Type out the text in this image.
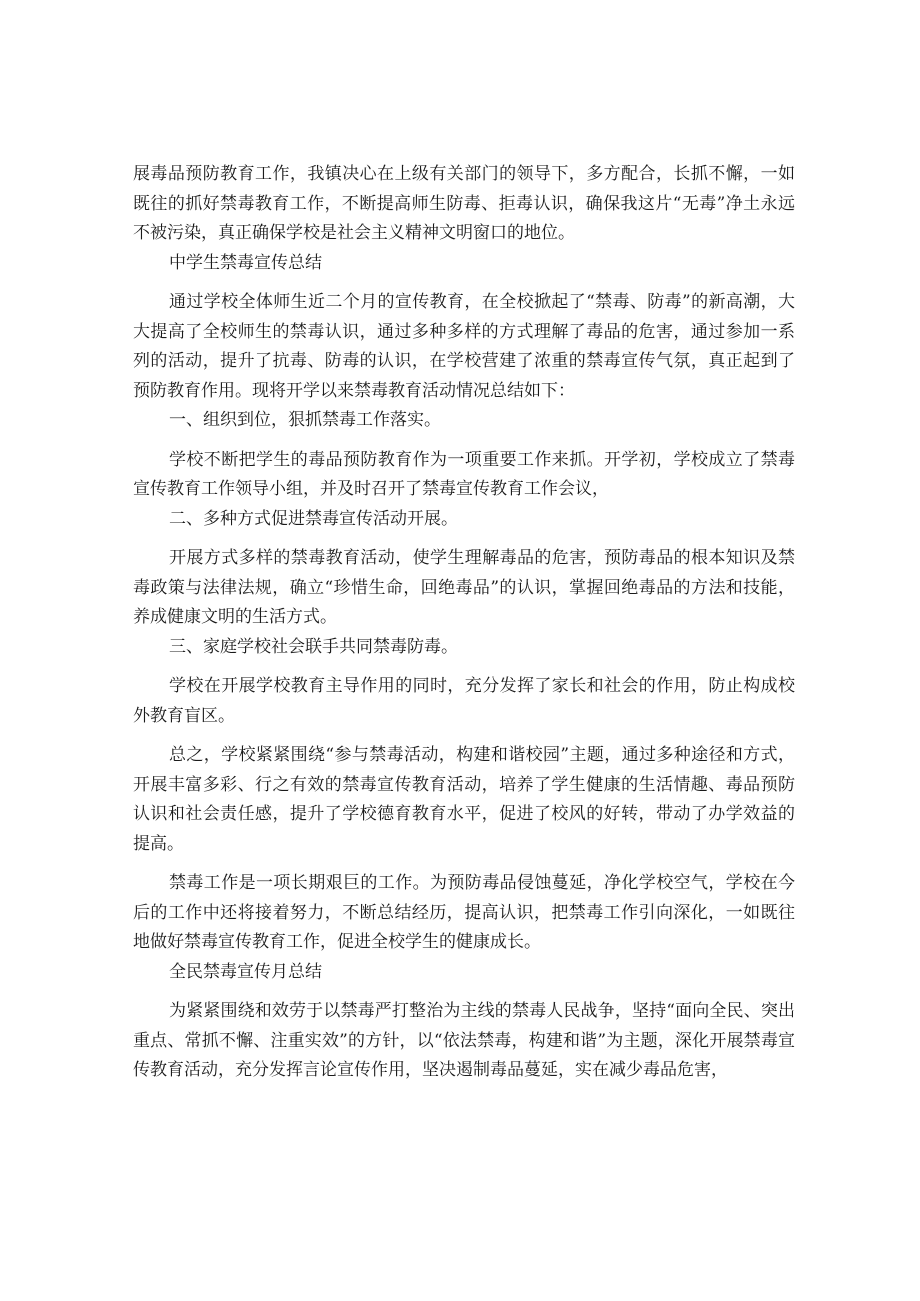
展毒品预防教育工作，我镇决心在上级有关部门的领导下，多方配合，长抓不懈，一如既往的抓好禁毒教育工作，不断提高师生防毒、拒毒认识，确保我这片“无毒”净土永远不被污染，真正确保学校是社会主义精神文明窗口的地位。

中学生禁毒宣传总结

通过学校全体师生近二个月的宣传教育，在全校掀起了“禁毒、防毒”的新高潮，大大提高了全校师生的禁毒认识，通过多种多样的方式理解了毒品的危害，通过参加一系列的活动，提升了抗毒、防毒的认识，在学校营建了浓重的禁毒宣传气氛，真正起到了预防教育作用。现将开学以来禁毒教育活动情况总结如下：

一、组织到位，狠抓禁毒工作落实。

学校不断把学生的毒品预防教育作为一项重要工作来抓。开学初，学校成立了禁毒宣传教育工作领导小组，并及时召开了禁毒宣传教育工作会议，

二、多种方式促进禁毒宣传活动开展。

开展方式多样的禁毒教育活动，使学生理解毒品的危害，预防毒品的根本知识及禁毒政策与法律法规，确立“珍惜生命，回绝毒品”的认识，掌握回绝毒品的方法和技能，养成健康文明的生活方式。

三、家庭学校社会联手共同禁毒防毒。

学校在开展学校教育主导作用的同时，充分发挥了家长和社会的作用，防止构成校外教育盲区。

总之，学校紧紧围绕“参与禁毒活动，构建和谐校园”主题，通过多种途径和方式，开展丰富多彩、行之有效的禁毒宣传教育活动，培养了学生健康的生活情趣、毒品预防认识和社会责任感，提升了学校德育教育水平，促进了校风的好转，带动了办学效益的提高。

禁毒工作是一项长期艰巨的工作。为预防毒品侵蚀蔓延，净化学校空气，学校在今后的工作中还将接着努力，不断总结经历，提高认识，把禁毒工作引向深化，一如既往地做好禁毒宣传教育工作，促进全校学生的健康成长。

全民禁毒宣传月总结

为紧紧围绕和效劳于以禁毒严打整治为主线的禁毒人民战争，坚持“面向全民、突出重点、常抓不懈、注重实效”的方针，以“依法禁毒，构建和谐”为主题，深化开展禁毒宣传教育活动，充分发挥言论宣传作用，坚决遏制毒品蔓延，实在减少毒品危害，
